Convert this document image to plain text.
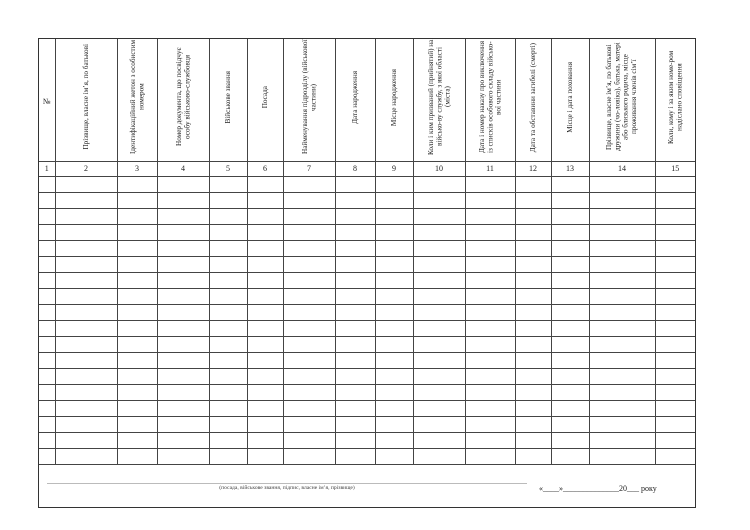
№	Прізвище, власне ім’я, по батькові	Ідентифікаційний жетон з особистим номером	Номер документа, що посвідчує особу військово-службовця	Військове звання	Посада	Найменування підрозділу (військової частини)	Дата народження	Місце народження	Коли і ким призваний (прийнятий) на військо-ву службу, з якої області (міста)	Дата і номер наказу про виключення із списків особового складу військо-вої частини	Дата та обставини загибелі (смерті)	Місце і дата поховання	Прізвище, власне ім’я, по батькові дружини (чо-ловіка), батька, матері або близького родича, місце проживання членів сім’ї	Коли, кому і за яким номе-ром надіслано сповіщення
1	2	3	4	5	6	7	8	9	10	11	12	13	14	15

(посада, військове звання, підпис, власне ім’я, прізвище)	«____»______________20___ року
